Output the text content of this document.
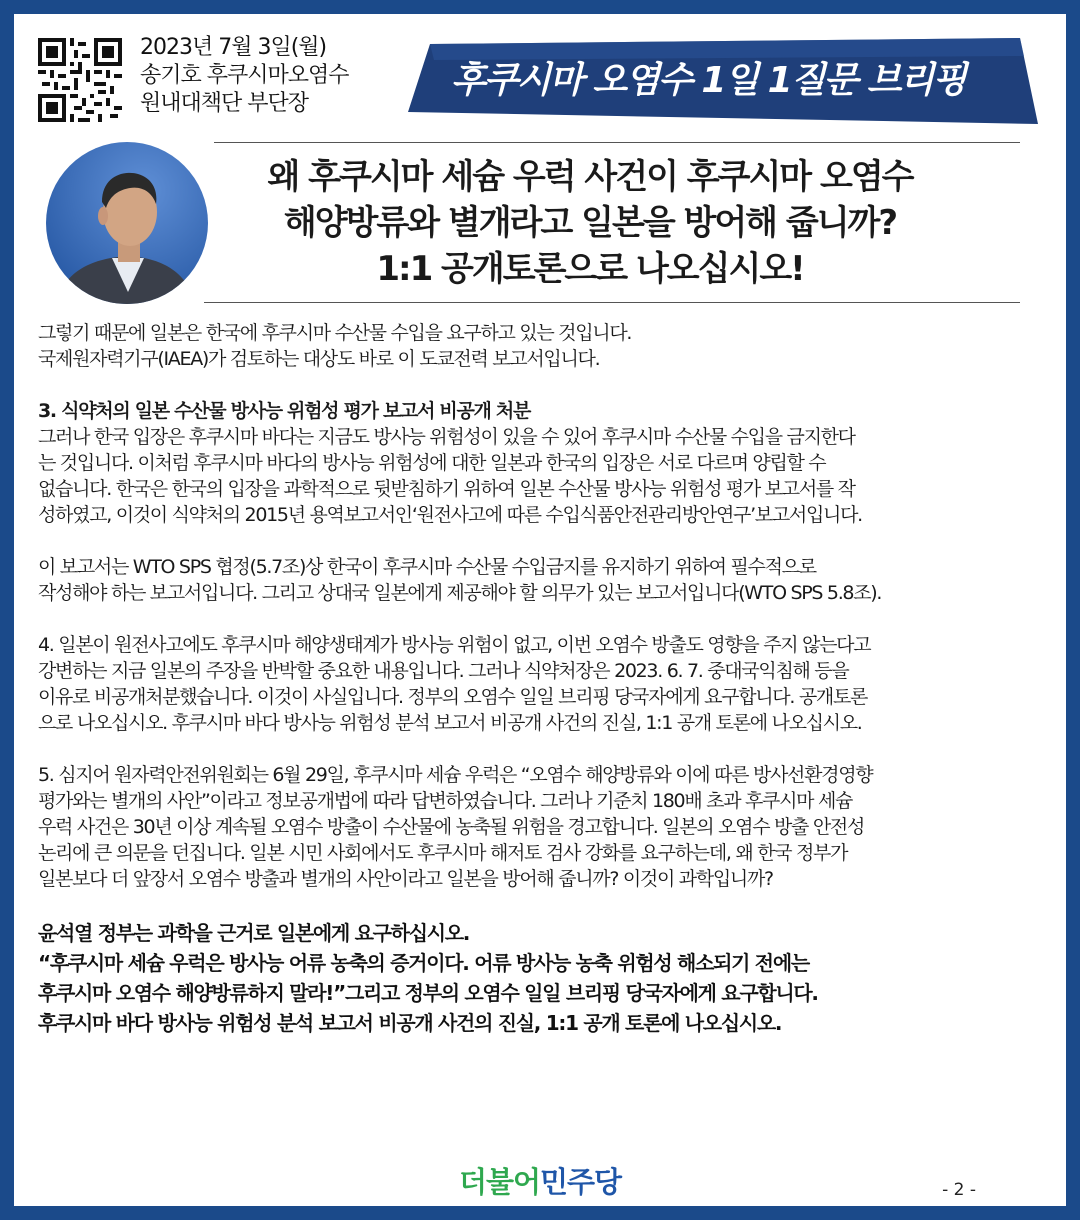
2023년 7월 3일(월)
송기호 후쿠시마오염수
원내대책단 부단장
후쿠시마 오염수 1일 1질문 브리핑
왜 후쿠시마 세슘 우럭 사건이 후쿠시마 오염수
해양방류와 별개라고 일본을 방어해 줍니까?
1:1 공개토론으로 나오십시오!
그렇기 때문에 일본은 한국에 후쿠시마 수산물 수입을 요구하고 있는 것입니다.
국제원자력기구(IAEA)가 검토하는 대상도 바로 이 도쿄전력 보고서입니다.
3. 식약처의 일본 수산물 방사능 위험성 평가 보고서 비공개 처분
그러나 한국 입장은 후쿠시마 바다는 지금도 방사능 위험성이 있을 수 있어 후쿠시마 수산물 수입을 금지한다
는 것입니다. 이처럼 후쿠시마 바다의 방사능 위험성에 대한 일본과 한국의 입장은 서로 다르며 양립할 수
없습니다. 한국은 한국의 입장을 과학적으로 뒷받침하기 위하여 일본 수산물 방사능 위험성 평가 보고서를 작
성하였고, 이것이 식약처의 2015년 용역보고서인‘원전사고에 따른 수입식품안전관리방안연구’보고서입니다.
이 보고서는 WTO SPS 협정(5.7조)상 한국이 후쿠시마 수산물 수입금지를 유지하기 위하여 필수적으로
작성해야 하는 보고서입니다. 그리고 상대국 일본에게 제공해야 할 의무가 있는 보고서입니다(WTO SPS 5.8조).
4. 일본이 원전사고에도 후쿠시마 해양생태계가 방사능 위험이 없고, 이번 오염수 방출도 영향을 주지 않는다고
강변하는 지금 일본의 주장을 반박할 중요한 내용입니다. 그러나 식약처장은 2023. 6. 7. 중대국익침해 등을
이유로 비공개처분했습니다. 이것이 사실입니다. 정부의 오염수 일일 브리핑 당국자에게 요구합니다. 공개토론
으로 나오십시오. 후쿠시마 바다 방사능 위험성 분석 보고서 비공개 사건의 진실, 1:1 공개 토론에 나오십시오.
5. 심지어 원자력안전위원회는 6월 29일, 후쿠시마 세슘 우럭은 “오염수 해양방류와 이에 따른 방사선환경영향
평가와는 별개의 사안”이라고 정보공개법에 따라 답변하였습니다. 그러나 기준치 180배 초과 후쿠시마 세슘
우럭 사건은 30년 이상 계속될 오염수 방출이 수산물에 농축될 위험을 경고합니다. 일본의 오염수 방출 안전성
논리에 큰 의문을 던집니다. 일본 시민 사회에서도 후쿠시마 해저토 검사 강화를 요구하는데, 왜 한국 정부가
일본보다 더 앞장서 오염수 방출과 별개의 사안이라고 일본을 방어해 줍니까? 이것이 과학입니까?
윤석열 정부는 과학을 근거로 일본에게 요구하십시오.
“후쿠시마 세슘 우럭은 방사능 어류 농축의 증거이다. 어류 방사능 농축 위험성 해소되기 전에는
후쿠시마 오염수 해양방류하지 말라!”그리고 정부의 오염수 일일 브리핑 당국자에게 요구합니다.
후쿠시마 바다 방사능 위험성 분석 보고서 비공개 사건의 진실, 1:1 공개 토론에 나오십시오.
더불어민주당	- 2 -
